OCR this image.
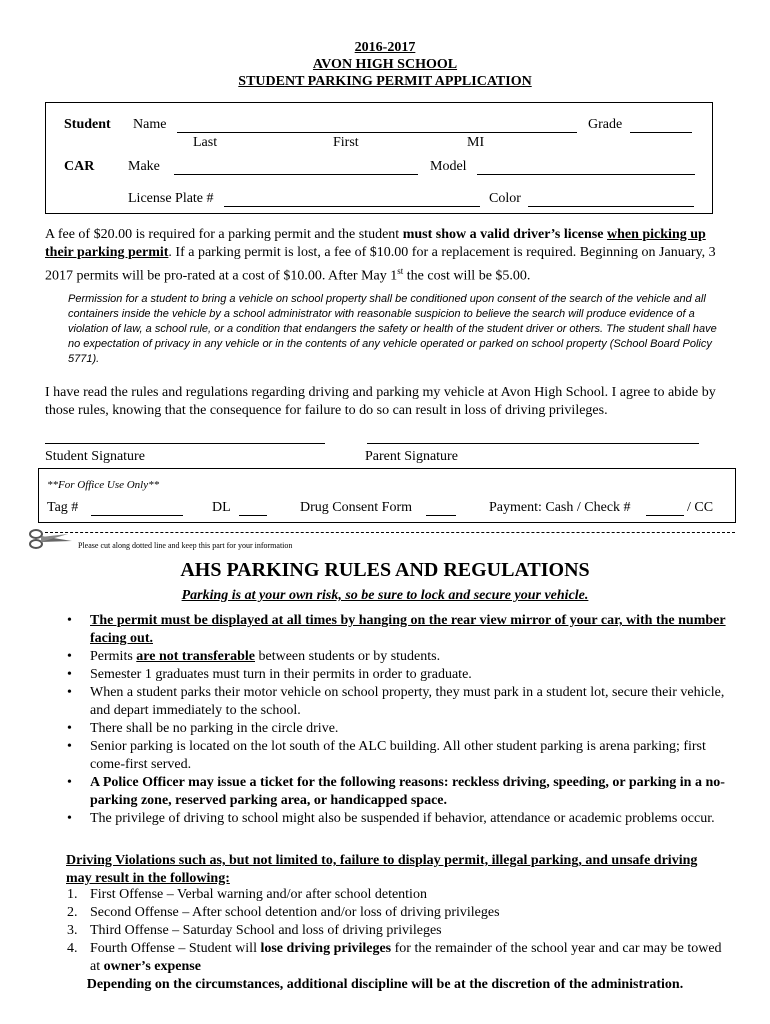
2016-2017
AVON HIGH SCHOOL
STUDENT PARKING PERMIT APPLICATION
Student Name	Grade
Last	First	MI
CAR Make	Model
License Plate #	Color
A fee of $20.00 is required for a parking permit and the student must show a valid driver’s license when picking up their parking permit. If a parking permit is lost, a fee of $10.00 for a replacement is required. Beginning on January, 3 2017 permits will be pro-rated at a cost of $10.00. After May 1st the cost will be $5.00.
Permission for a student to bring a vehicle on school property shall be conditioned upon consent of the search of the vehicle and all containers inside the vehicle by a school administrator with reasonable suspicion to believe the search will produce evidence of a violation of law, a school rule, or a condition that endangers the safety or health of the student driver or others. The student shall have no expectation of privacy in any vehicle or in the contents of any vehicle operated or parked on school property (School Board Policy 5771).
I have read the rules and regulations regarding driving and parking my vehicle at Avon High School. I agree to abide by those rules, knowing that the consequence for failure to do so can result in loss of driving privileges.
Student Signature	Parent Signature
**For Office Use Only**
Tag #	DL	Drug Consent Form	Payment: Cash / Check #	/ CC
Please cut along dotted line and keep this part for your information
AHS PARKING RULES AND REGULATIONS
Parking is at your own risk, so be sure to lock and secure your vehicle.
• The permit must be displayed at all times by hanging on the rear view mirror of your car, with the number facing out.
• Permits are not transferable between students or by students.
• Semester 1 graduates must turn in their permits in order to graduate.
• When a student parks their motor vehicle on school property, they must park in a student lot, secure their vehicle, and depart immediately to the school.
• There shall be no parking in the circle drive.
• Senior parking is located on the lot south of the ALC building. All other student parking is arena parking; first come-first served.
• A Police Officer may issue a ticket for the following reasons: reckless driving, speeding, or parking in a no-parking zone, reserved parking area, or handicapped space.
• The privilege of driving to school might also be suspended if behavior, attendance or academic problems occur.
Driving Violations such as, but not limited to, failure to display permit, illegal parking, and unsafe driving may result in the following:
1. First Offense – Verbal warning and/or after school detention
2. Second Offense – After school detention and/or loss of driving privileges
3. Third Offense – Saturday School and loss of driving privileges
4. Fourth Offense – Student will lose driving privileges for the remainder of the school year and car may be towed at owner’s expense
Depending on the circumstances, additional discipline will be at the discretion of the administration.
